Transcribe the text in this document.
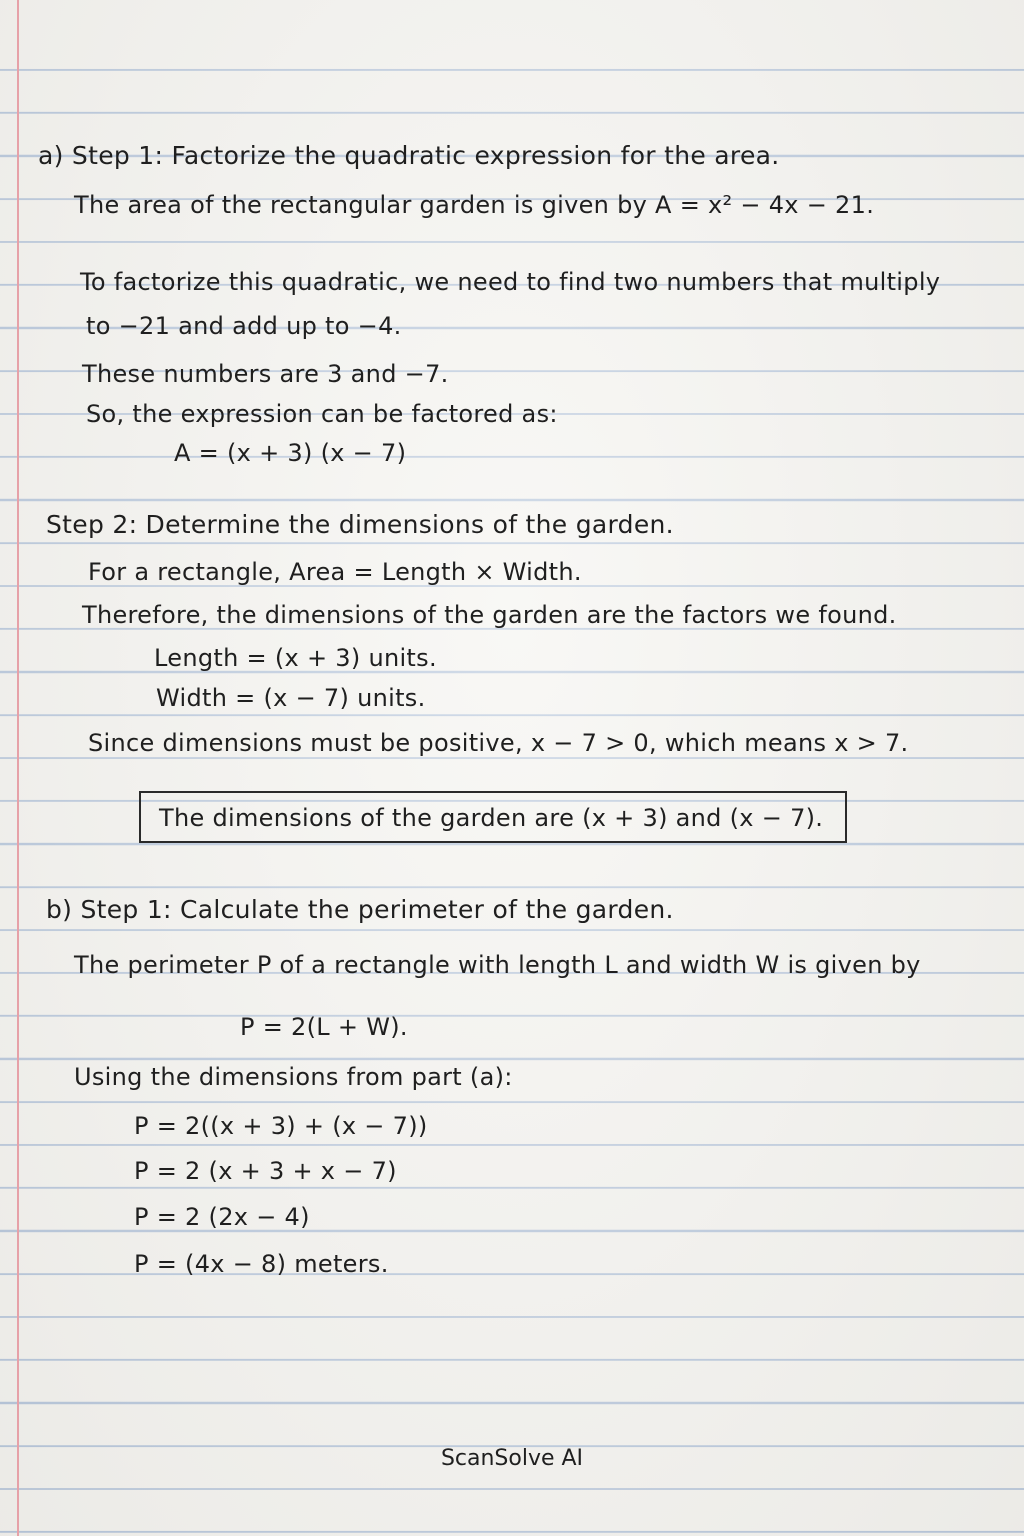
a) Step 1: Factorize the quadratic expression for the area.
The area of the rectangular garden is given by A = x² − 4x − 21.
To factorize this quadratic, we need to find two numbers that multiply
to −21 and add up to −4.
These numbers are 3 and −7.
So, the expression can be factored as:
A = (x + 3) (x − 7)
Step 2: Determine the dimensions of the garden.
For a rectangle, Area = Length × Width.
Therefore, the dimensions of the garden are the factors we found.
Length = (x + 3) units.
Width = (x − 7) units.
Since dimensions must be positive, x − 7 > 0, which means x > 7.
The dimensions of the garden are (x + 3) and (x − 7).
b) Step 1: Calculate the perimeter of the garden.
The perimeter P of a rectangle with length L and width W is given by
P = 2(L + W).
Using the dimensions from part (a):
P = 2((x + 3) + (x − 7))
P = 2 (x + 3 + x − 7)
P = 2 (2x − 4)
P = (4x − 8) meters.
ScanSolve AI
